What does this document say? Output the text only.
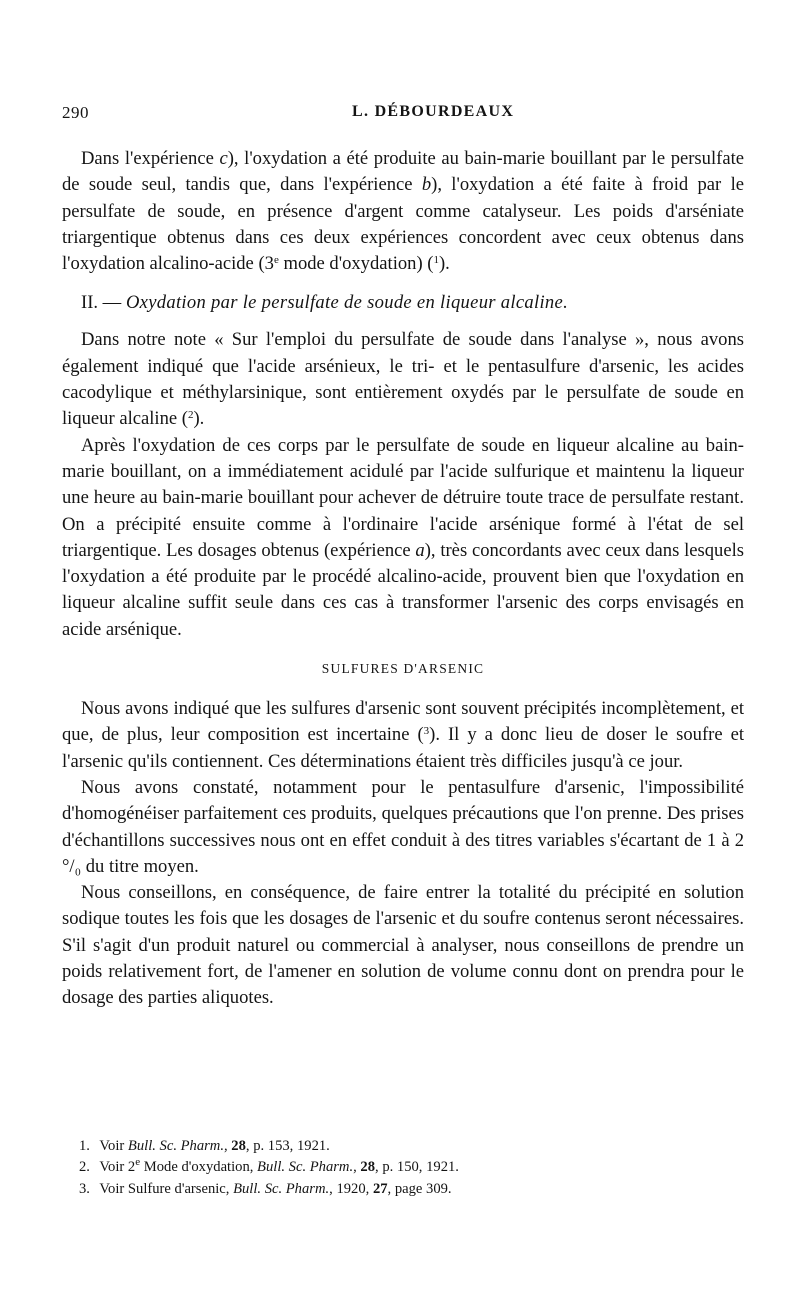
290	L. DÉBOURDEAUX

Dans l'expérience c), l'oxydation a été produite au bain-marie bouillant par le persulfate de soude seul, tandis que, dans l'expérience b), l'oxydation a été faite à froid par le persulfate de soude, en présence d'argent comme catalyseur. Les poids d'arséniate triargentique obtenus dans ces deux expériences concordent avec ceux obtenus dans l'oxydation alcalino-acide (3e mode d'oxydation) ($^1$).

II. — Oxydation par le persulfate de soude en liqueur alcaline.

Dans notre note « Sur l'emploi du persulfate de soude dans l'analyse », nous avons également indiqué que l'acide arsénieux, le tri- et le pentasulfure d'arsenic, les acides cacodylique et méthylarsinique, sont entièrement oxydés par le persulfate de soude en liqueur alcaline ($^2$).

Après l'oxydation de ces corps par le persulfate de soude en liqueur alcaline au bain-marie bouillant, on a immédiatement acidulé par l'acide sulfurique et maintenu la liqueur une heure au bain-marie bouillant pour achever de détruire toute trace de persulfate restant. On a précipité ensuite comme à l'ordinaire l'acide arsénique formé à l'état de sel triargentique. Les dosages obtenus (expérience a), très concordants avec ceux dans lesquels l'oxydation a été produite par le procédé alcalino-acide, prouvent bien que l'oxydation en liqueur alcaline suffit seule dans ces cas à transformer l'arsenic des corps envisagés en acide arsénique.

SULFURES D'ARSENIC

Nous avons indiqué que les sulfures d'arsenic sont souvent précipités incomplètement, et que, de plus, leur composition est incertaine ($^3$). Il y a donc lieu de doser le soufre et l'arsenic qu'ils contiennent. Ces déterminations étaient très difficiles jusqu'à ce jour.

Nous avons constaté, notamment pour le pentasulfure d'arsenic, l'impossibilité d'homogénéiser parfaitement ces produits, quelques précautions que l'on prenne. Des prises d'échantillons successives nous ont en effet conduit à des titres variables s'écartant de 1 à 2 °/₀ du titre moyen.

Nous conseillons, en conséquence, de faire entrer la totalité du précipité en solution sodique toutes les fois que les dosages de l'arsenic et du soufre contenus seront nécessaires. S'il s'agit d'un produit naturel ou commercial à analyser, nous conseillons de prendre un poids relativement fort, de l'amener en solution de volume connu dont on prendra pour le dosage des parties aliquotes.

1. Voir Bull. Sc. Pharm., 28, p. 153, 1921.

2. Voir 2e Mode d'oxydation, Bull. Sc. Pharm., 28, p. 150, 1921.

3. Voir Sulfure d'arsenic, Bull. Sc. Pharm., 1920, 27, page 309.
